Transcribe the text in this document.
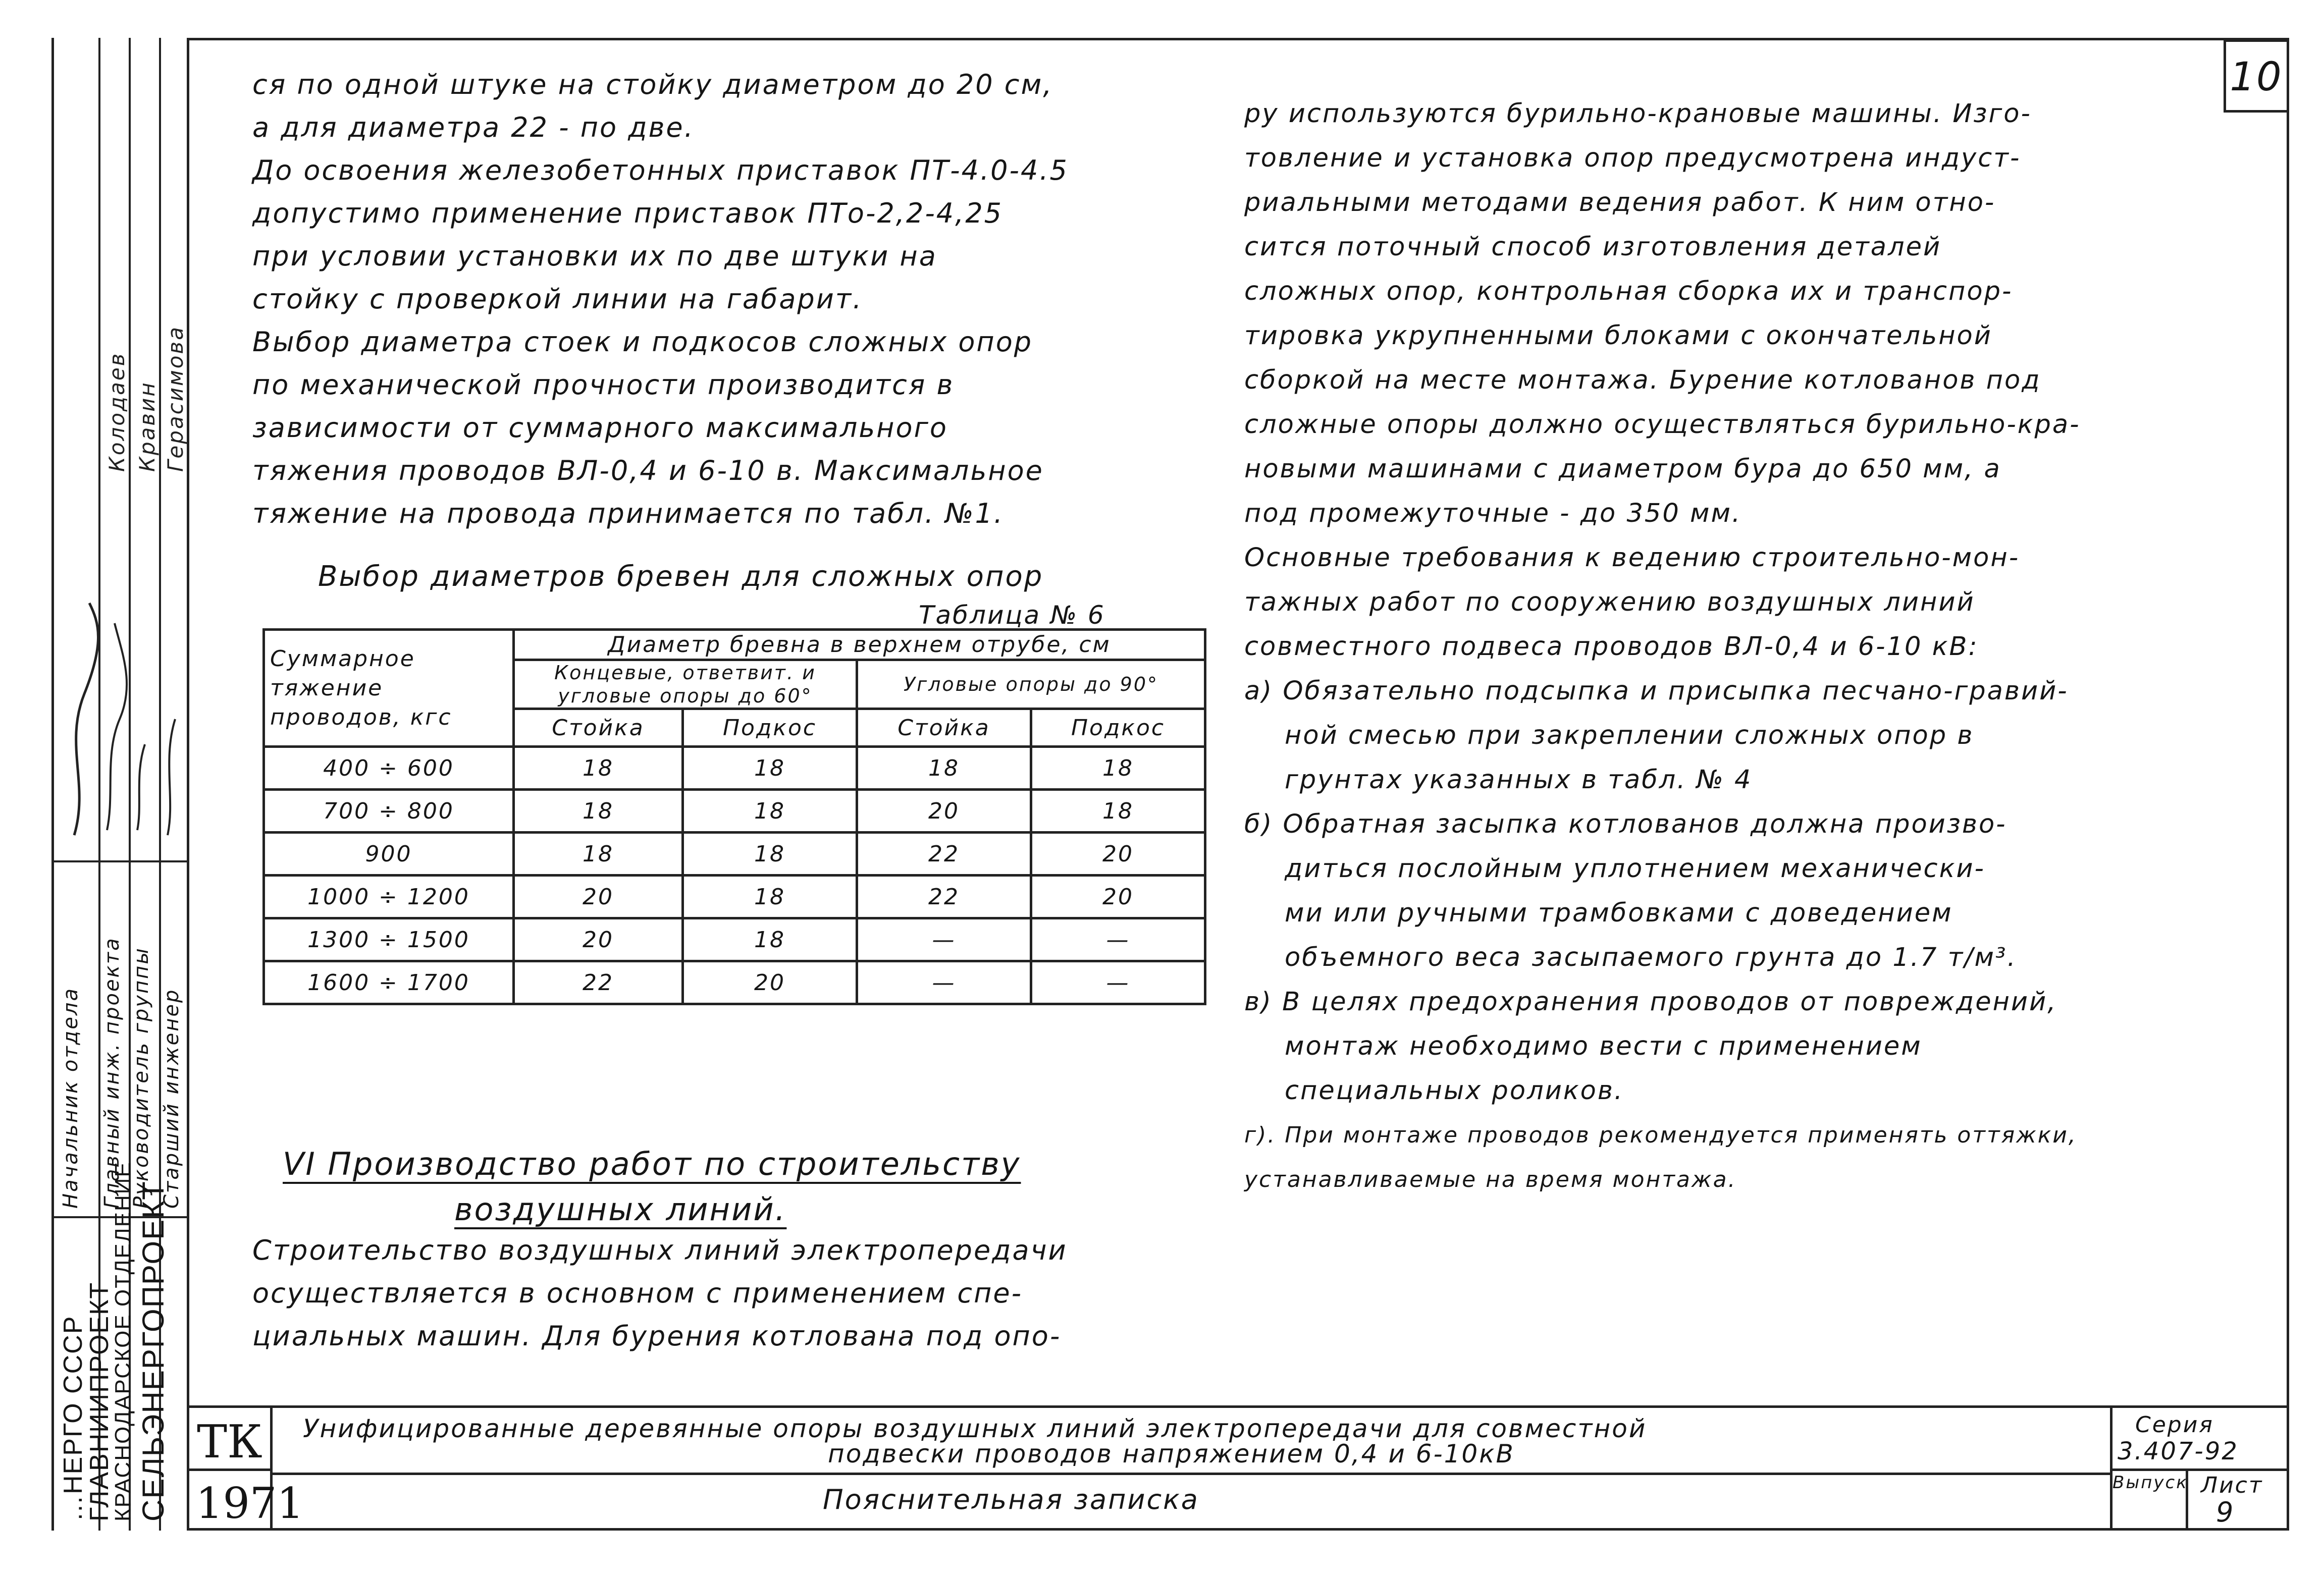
10
…НЕРГО СССР
ГЛАВНИИПРОЕКТ
КРАСНОДАРСКОЕ ОТДЕЛЕНИЕ СЕЛЬЭНЕРГОПРОЕКТ
Начальник отдела Главный инж. проекта Руководитель группы Старший инженер
Колодаев Кравин Герасимова

ся по одной штуке на стойку диаметром до 20 см,

а для диаметра 22 - по две.

До освоения железобетонных приставок ПТ-4.0-4.5

допустимо применение приставок ПТо-2,2-4,25

при условии установки их по две штуки на

стойку с проверкой линии на габарит.

Выбор диаметра стоек и подкосов сложных опор

по механической прочности производится в

зависимости от суммарного максимального

тяжения проводов ВЛ-0,4 и 6-10 в. Максимальное

тяжение на провода принимается по табл. №1.

Выбор диаметров бревен для сложных опор
Таблица № 6
Суммарное тяжение проводов, кгс	Диаметр бревна в верхнем отрубе, см			
	Концевые, ответвит. и угловые опоры до 60°		Угловые опоры до 90°	
	Стойка	Подкос	Стойка	Подкос
400 ÷ 600	18	18	18	18
700 ÷ 800	18	18	20	18
900	18	18	22	20
1000 ÷ 1200	20	18	22	20
1300 ÷ 1500	20	18	—	—
1600 ÷ 1700	22	20	—	—
VI Производство работ по строительству
воздушных линий.

Строительство воздушных линий электропередачи

осуществляется в основном с применением спе-

циальных машин. Для бурения котлована под опо-

ру используются бурильно-крановые машины. Изго-

товление и установка опор предусмотрена индуст-

риальными методами ведения работ. К ним отно-

сится поточный способ изготовления деталей

сложных опор, контрольная сборка их и транспор-

тировка укрупненными блоками с окончательной

сборкой на месте монтажа. Бурение котлованов под

сложные опоры должно осуществляться бурильно-кра-

новыми машинами с диаметром бура до 650 мм, а

под промежуточные - до 350 мм.

Основные требования к ведению строительно-мон-

тажных работ по сооружению воздушных линий

совместного подвеса проводов ВЛ-0,4 и 6-10 кВ:

а) Обязательно подсыпка и присыпка песчано-гравий-

ной смесью при закреплении сложных опор в

грунтах указанных в табл. № 4

б) Обратная засыпка котлованов должна произво-

диться послойным уплотнением механически-

ми или ручными трамбовками с доведением

объемного веса засыпаемого грунта до 1.7 т/м³.

в) В целях предохранения проводов от повреждений,

монтаж необходимо вести с применением

специальных роликов.

г). При монтаже проводов рекомендуется применять оттяжки,

устанавливаемые на время монтажа.

ТК
1971
Унифицированные деревянные опоры воздушных линий электропередачи для совместной
подвески проводов напряжением 0,4 и 6-10кВ
Пояснительная записка
Серия
3.407-92
Выпуск Лист
9
